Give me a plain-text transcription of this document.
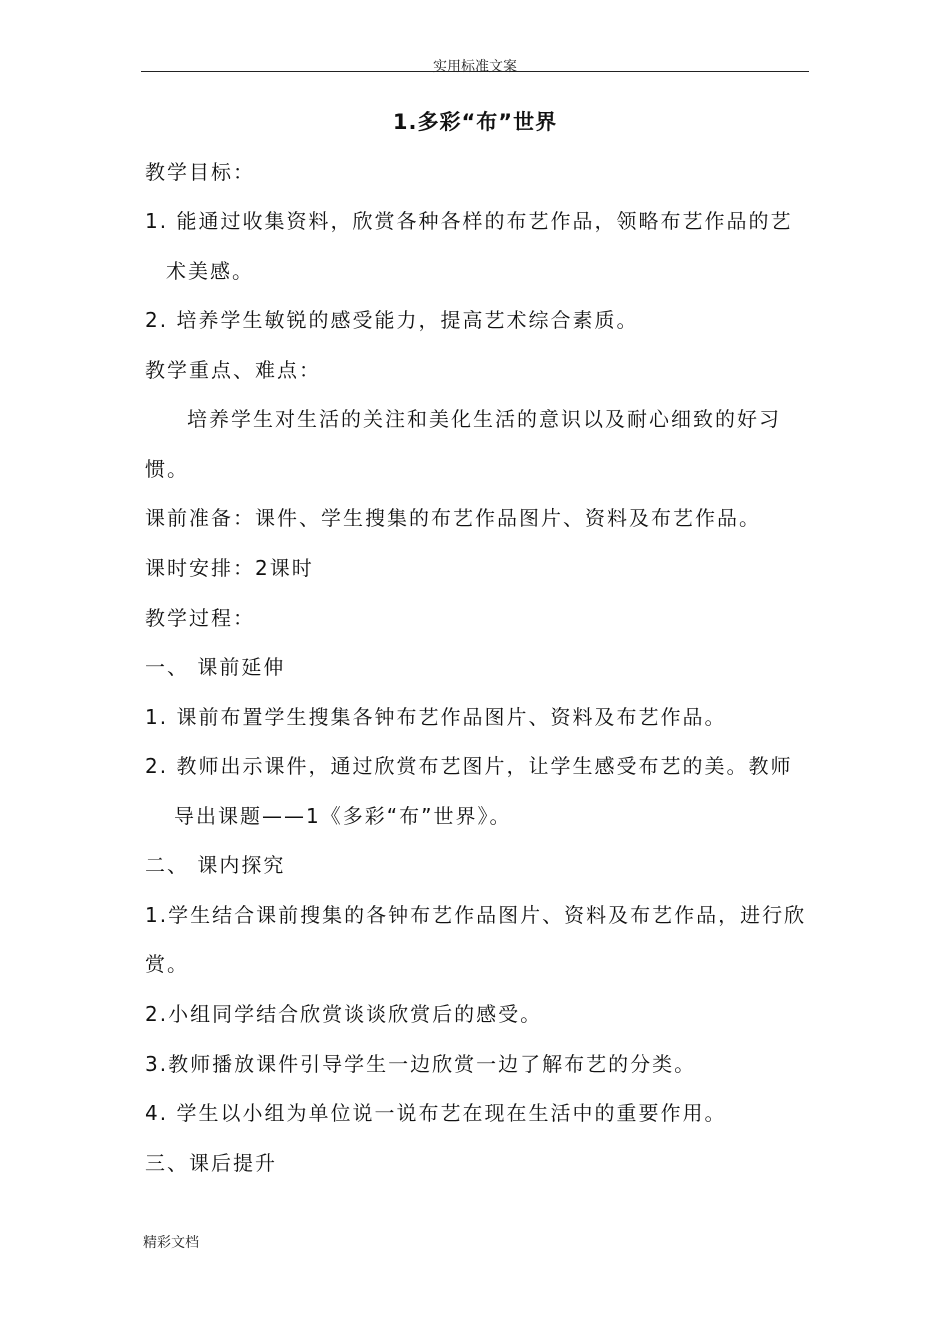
实用标准文案
1.多彩“布”世界
教学目标：
1. 能通过收集资料，欣赏各种各样的布艺作品，领略布艺作品的艺
术美感。
2. 培养学生敏锐的感受能力，提高艺术综合素质。
教学重点、难点：
培养学生对生活的关注和美化生活的意识以及耐心细致的好习
惯。
课前准备：课件、学生搜集的布艺作品图片、资料及布艺作品。
课时安排：2课时
教学过程：
一、 课前延伸
1. 课前布置学生搜集各钟布艺作品图片、资料及布艺作品。
2. 教师出示课件，通过欣赏布艺图片，让学生感受布艺的美。教师
导出课题——1《多彩“布”世界》。
二、 课内探究
1.学生结合课前搜集的各钟布艺作品图片、资料及布艺作品，进行欣
赏。
2.小组同学结合欣赏谈谈欣赏后的感受。
3.教师播放课件引导学生一边欣赏一边了解布艺的分类。
4. 学生以小组为单位说一说布艺在现在生活中的重要作用。
三、课后提升
精彩文档
